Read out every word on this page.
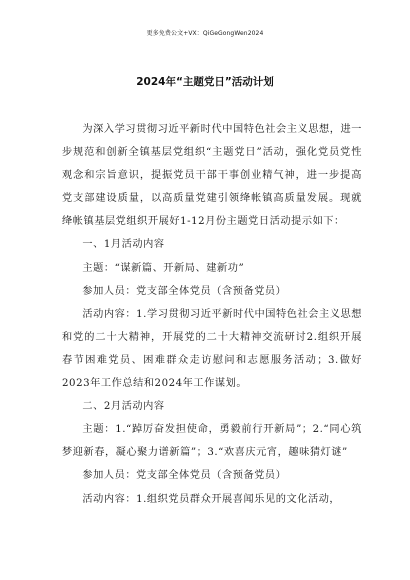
更多免费公文+VX：QiGeGongWen2024
2024年“主题党日”活动计划

为深入学习贯彻习近平新时代中国特色社会主义思想，进一步规范和创新全镇基层党组织“主题党日”活动，强化党员党性观念和宗旨意识，提振党员干部干事创业精气神，进一步提高党支部建设质量，以高质量党建引领绛帐镇高质量发展。现就绛帐镇基层党组织开展好1-12月份主题党日活动提示如下：

一、1月活动内容

主题：“谋新篇、开新局、建新功”

参加人员：党支部全体党员（含预备党员）

活动内容：1.学习贯彻习近平新时代中国特色社会主义思想和党的二十大精神，开展党的二十大精神交流研讨2.组织开展春节困难党员、困难群众走访慰问和志愿服务活动；3.做好2023年工作总结和2024年工作谋划。

二、2月活动内容

主题：1.“踔厉奋发担使命，勇毅前行开新局”；2.“同心筑梦迎新春，凝心聚力谱新篇”；3.“欢喜庆元宵，趣味猜灯谜”

参加人员：党支部全体党员（含预备党员）

活动内容：1.组织党员群众开展喜闻乐见的文化活动，
